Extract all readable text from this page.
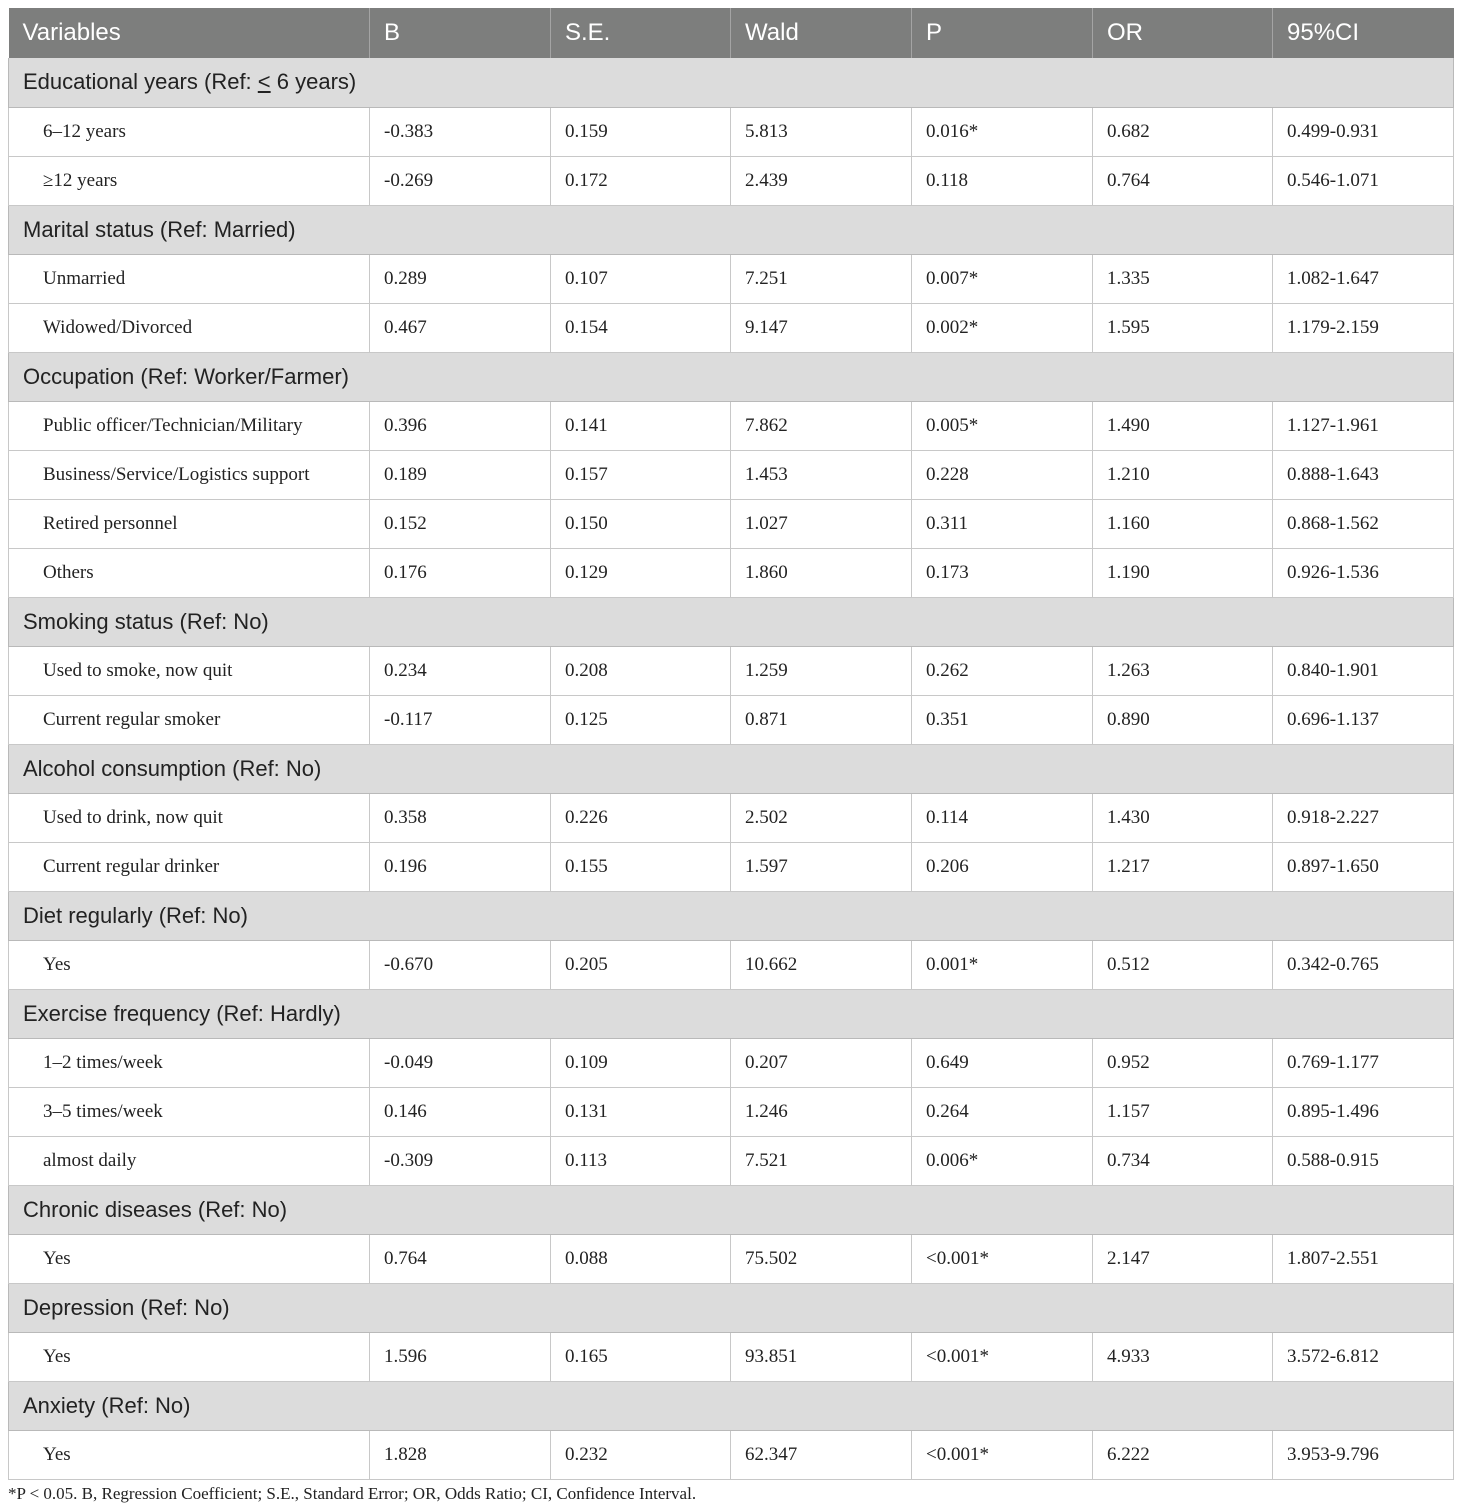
Variables	B	S.E.	Wald	P	OR	95%CI
Educational years (Ref: < 6 years)						
6–12 years	-0.383	0.159	5.813	0.016*	0.682	0.499-0.931
≥12 years	-0.269	0.172	2.439	0.118	0.764	0.546-1.071
Marital status (Ref: Married)						
Unmarried	0.289	0.107	7.251	0.007*	1.335	1.082-1.647
Widowed/Divorced	0.467	0.154	9.147	0.002*	1.595	1.179-2.159
Occupation (Ref: Worker/Farmer)						
Public officer/Technician/Military	0.396	0.141	7.862	0.005*	1.490	1.127-1.961
Business/Service/Logistics support	0.189	0.157	1.453	0.228	1.210	0.888-1.643
Retired personnel	0.152	0.150	1.027	0.311	1.160	0.868-1.562
Others	0.176	0.129	1.860	0.173	1.190	0.926-1.536
Smoking status (Ref: No)						
Used to smoke, now quit	0.234	0.208	1.259	0.262	1.263	0.840-1.901
Current regular smoker	-0.117	0.125	0.871	0.351	0.890	0.696-1.137
Alcohol consumption (Ref: No)						
Used to drink, now quit	0.358	0.226	2.502	0.114	1.430	0.918-2.227
Current regular drinker	0.196	0.155	1.597	0.206	1.217	0.897-1.650
Diet regularly (Ref: No)						
Yes	-0.670	0.205	10.662	0.001*	0.512	0.342-0.765
Exercise frequency (Ref: Hardly)						
1–2 times/week	-0.049	0.109	0.207	0.649	0.952	0.769-1.177
3–5 times/week	0.146	0.131	1.246	0.264	1.157	0.895-1.496
almost daily	-0.309	0.113	7.521	0.006*	0.734	0.588-0.915
Chronic diseases (Ref: No)						
Yes	0.764	0.088	75.502	<0.001*	2.147	1.807-2.551
Depression (Ref: No)						
Yes	1.596	0.165	93.851	<0.001*	4.933	3.572-6.812
Anxiety (Ref: No)						
Yes	1.828	0.232	62.347	<0.001*	6.222	3.953-9.796
*P < 0.05. B, Regression Coefficient; S.E., Standard Error; OR, Odds Ratio; CI, Confidence Interval.
